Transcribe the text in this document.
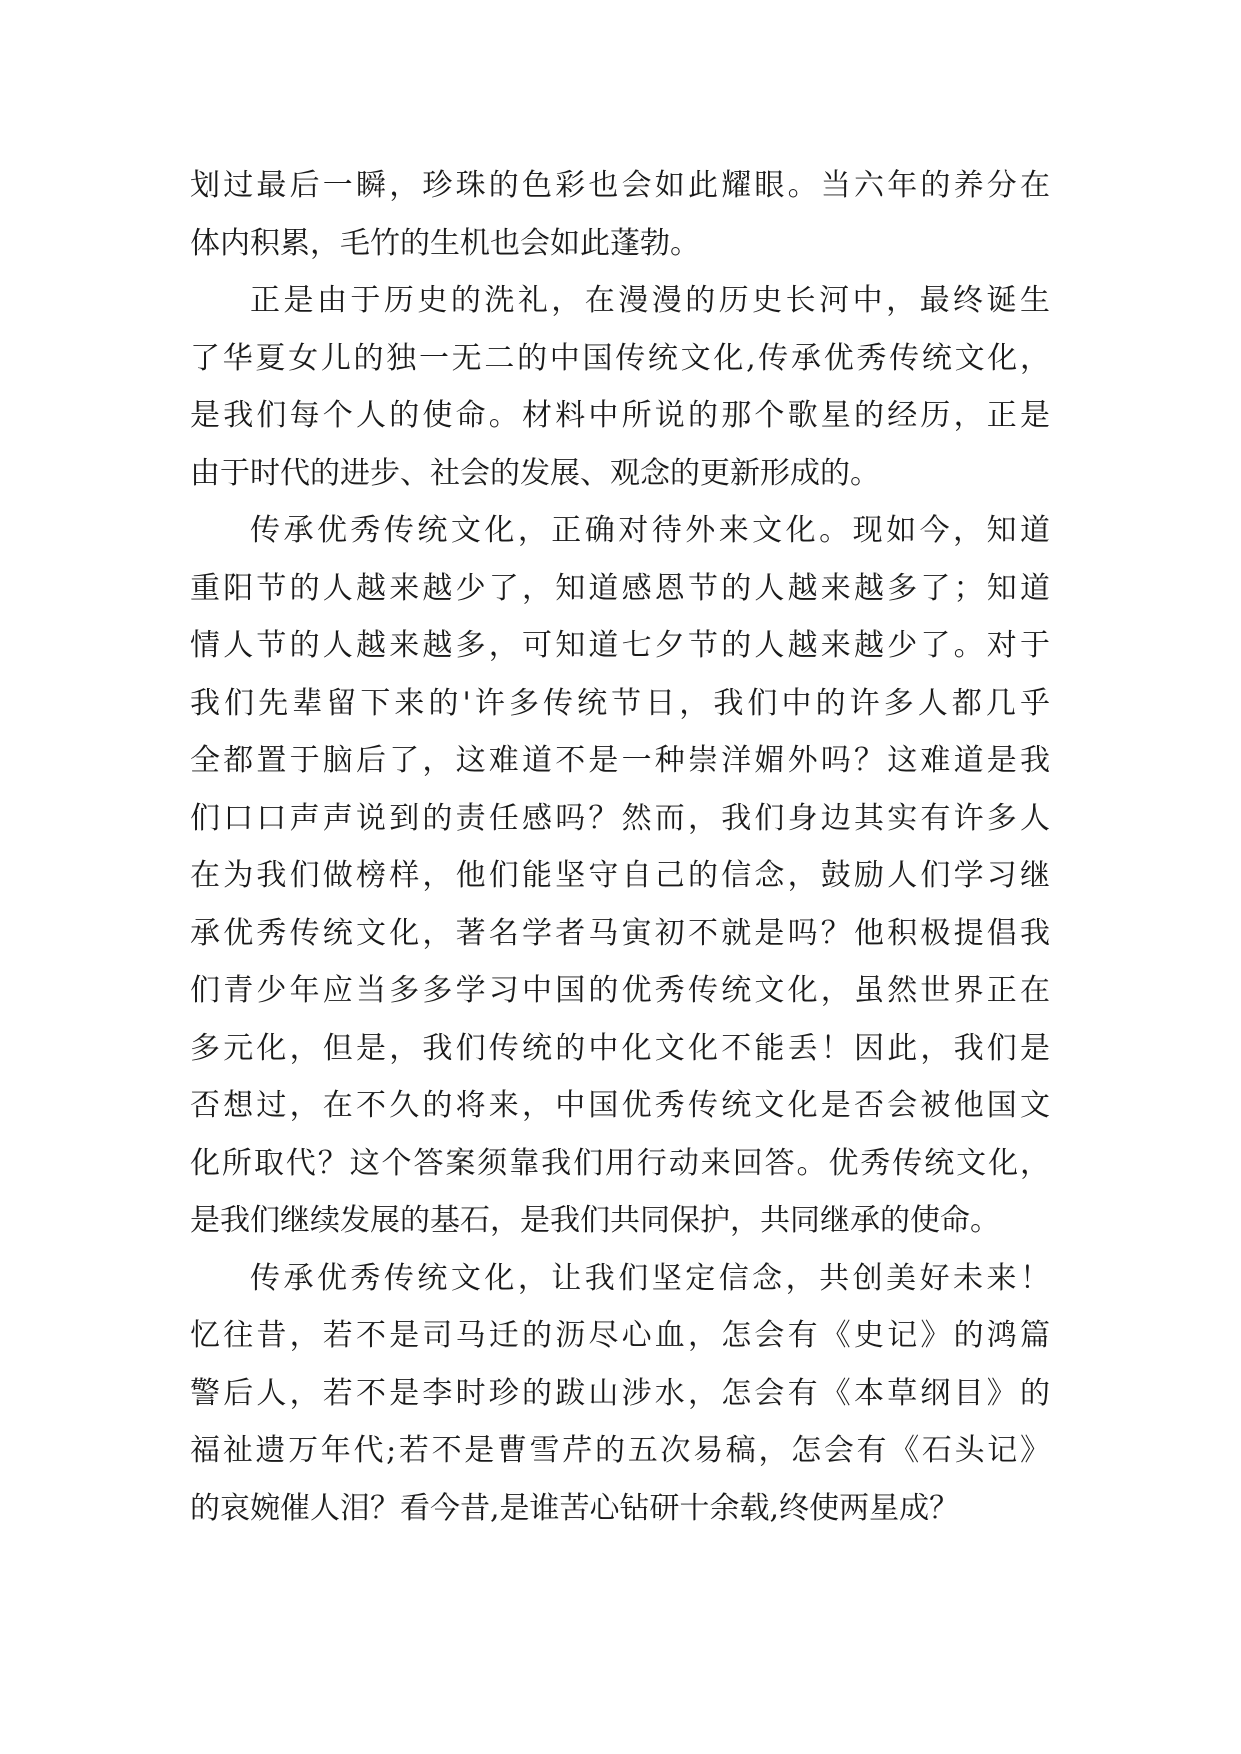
划过最后一瞬，珍珠的色彩也会如此耀眼。当六年的养分在
体内积累，毛竹的生机也会如此蓬勃。
正是由于历史的洗礼，在漫漫的历史长河中，最终诞生
了华夏女儿的独一无二的中国传统文化,传承优秀传统文化，
是我们每个人的使命。材料中所说的那个歌星的经历，正是
由于时代的进步、社会的发展、观念的更新形成的。
传承优秀传统文化，正确对待外来文化。现如今，知道
重阳节的人越来越少了，知道感恩节的人越来越多了；知道
情人节的人越来越多，可知道七夕节的人越来越少了。对于
我们先辈留下来的'许多传统节日，我们中的许多人都几乎
全都置于脑后了，这难道不是一种崇洋媚外吗？这难道是我
们口口声声说到的责任感吗？然而，我们身边其实有许多人
在为我们做榜样，他们能坚守自己的信念，鼓励人们学习继
承优秀传统文化，著名学者马寅初不就是吗？他积极提倡我
们青少年应当多多学习中国的优秀传统文化，虽然世界正在
多元化，但是，我们传统的中化文化不能丢！因此，我们是
否想过，在不久的将来，中国优秀传统文化是否会被他国文
化所取代？这个答案须靠我们用行动来回答。优秀传统文化，
是我们继续发展的基石，是我们共同保护，共同继承的使命。
传承优秀传统文化，让我们坚定信念，共创美好未来！
忆往昔，若不是司马迁的沥尽心血，怎会有《史记》的鸿篇
警后人，若不是李时珍的跋山涉水，怎会有《本草纲目》的
福祉遗万年代;若不是曹雪芹的五次易稿，怎会有《石头记》
的哀婉催人泪？看今昔,是谁苦心钻研十余载,终使两星成？
